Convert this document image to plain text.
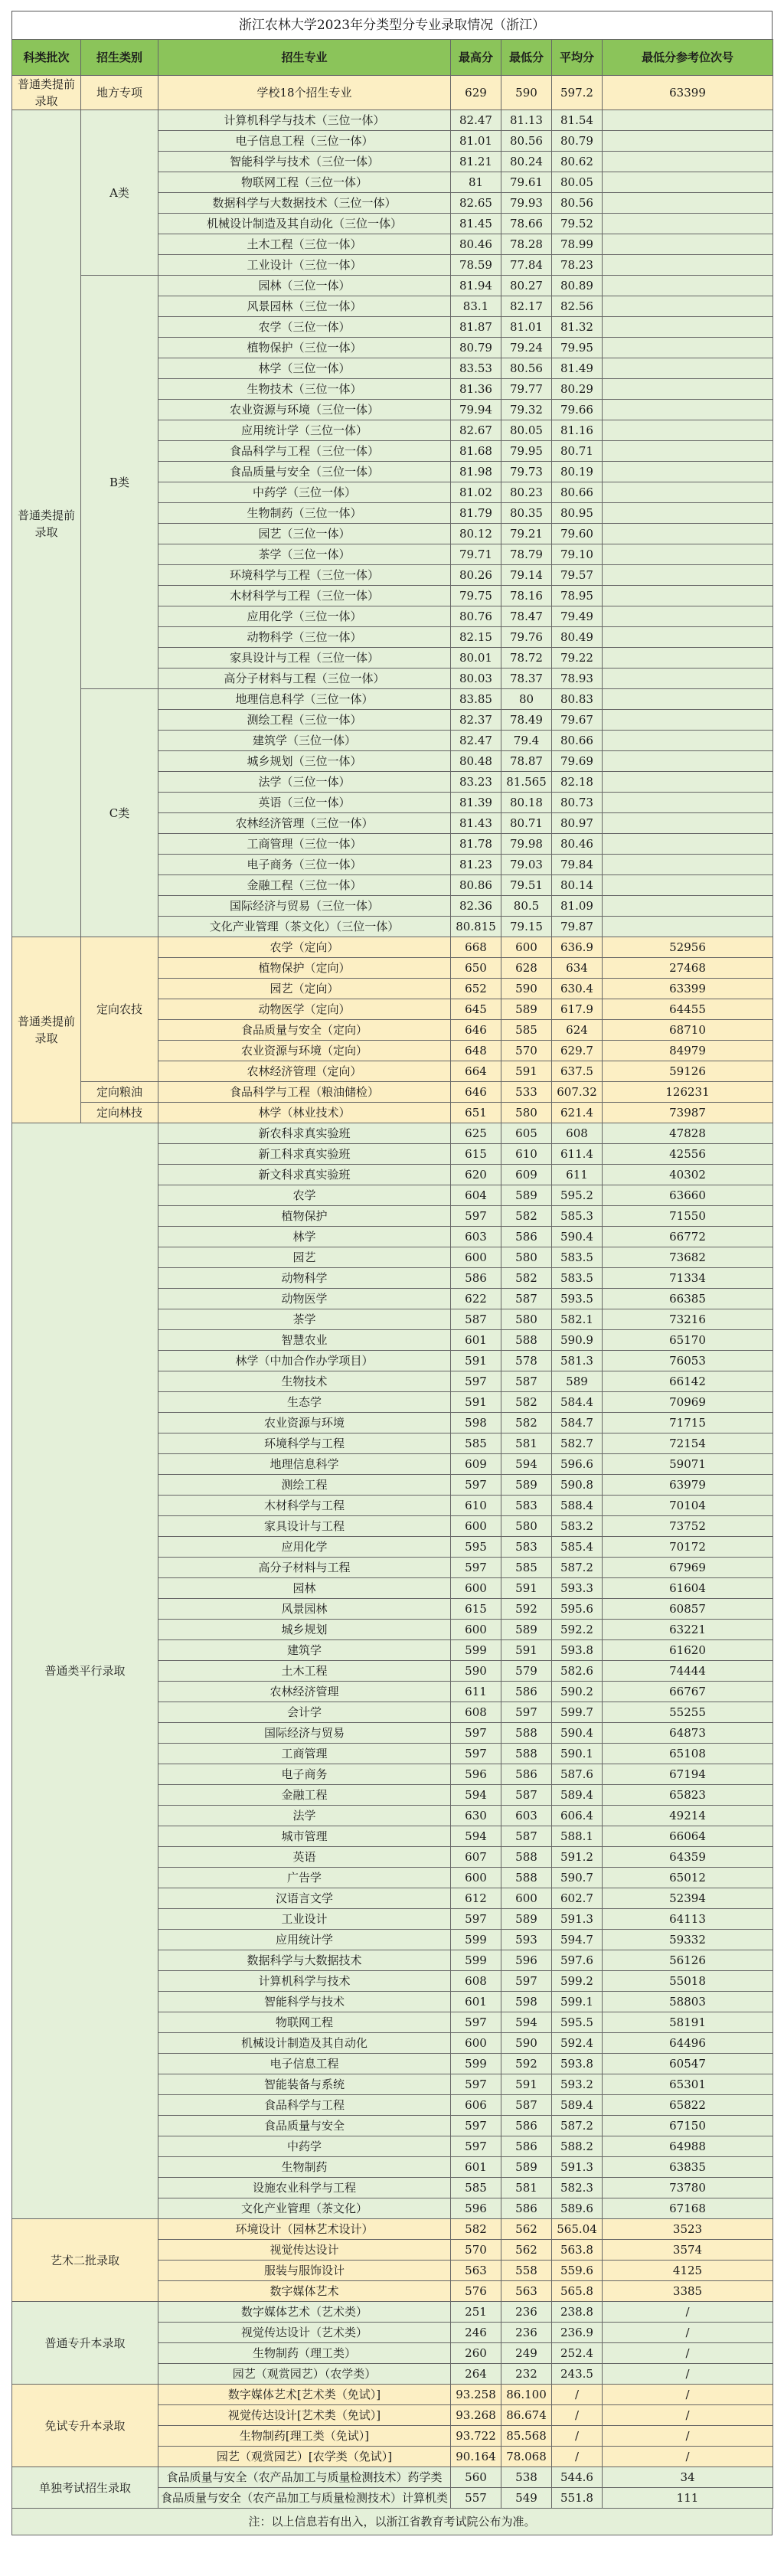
浙江农林大学2023年分类型分专业录取情况（浙江）
科类批次	招生类别	招生专业	最高分	最低分	平均分	最低分参考位次号
普通类提前录取	地方专项	学校18个招生专业	629	590	597.2	63399
普通类提前录取	A类	计算机科学与技术（三位一体）	82.47	81.13	81.54	
		电子信息工程（三位一体）	81.01	80.56	80.79	
		智能科学与技术（三位一体）	81.21	80.24	80.62	
		物联网工程（三位一体）	81	79.61	80.05	
		数据科学与大数据技术（三位一体）	82.65	79.93	80.56	
		机械设计制造及其自动化（三位一体）	81.45	78.66	79.52	
		土木工程（三位一体）	80.46	78.28	78.99	
		工业设计（三位一体）	78.59	77.84	78.23	
	B类	园林（三位一体）	81.94	80.27	80.89	
		风景园林（三位一体）	83.1	82.17	82.56	
		农学（三位一体）	81.87	81.01	81.32	
		植物保护（三位一体）	80.79	79.24	79.95	
		林学（三位一体）	83.53	80.56	81.49	
		生物技术（三位一体）	81.36	79.77	80.29	
		农业资源与环境（三位一体）	79.94	79.32	79.66	
		应用统计学（三位一体）	82.67	80.05	81.16	
		食品科学与工程（三位一体）	81.68	79.95	80.71	
		食品质量与安全（三位一体）	81.98	79.73	80.19	
		中药学（三位一体）	81.02	80.23	80.66	
		生物制药（三位一体）	81.79	80.35	80.95	
		园艺（三位一体）	80.12	79.21	79.60	
		茶学（三位一体）	79.71	78.79	79.10	
		环境科学与工程（三位一体）	80.26	79.14	79.57	
		木材科学与工程（三位一体）	79.75	78.16	78.95	
		应用化学（三位一体）	80.76	78.47	79.49	
		动物科学（三位一体）	82.15	79.76	80.49	
		家具设计与工程（三位一体）	80.01	78.72	79.22	
		高分子材料与工程（三位一体）	80.03	78.37	78.93	
	C类	地理信息科学（三位一体）	83.85	80	80.83	
		测绘工程（三位一体）	82.37	78.49	79.67	
		建筑学（三位一体）	82.47	79.4	80.66	
		城乡规划（三位一体）	80.48	78.87	79.69	
		法学（三位一体）	83.23	81.565	82.18	
		英语（三位一体）	81.39	80.18	80.73	
		农林经济管理（三位一体）	81.43	80.71	80.97	
		工商管理（三位一体）	81.78	79.98	80.46	
		电子商务（三位一体）	81.23	79.03	79.84	
		金融工程（三位一体）	80.86	79.51	80.14	
		国际经济与贸易（三位一体）	82.36	80.5	81.09	
		文化产业管理（茶文化）（三位一体）	80.815	79.15	79.87	
普通类提前录取	定向农技	农学（定向）	668	600	636.9	52956
		植物保护（定向）	650	628	634	27468
		园艺（定向）	652	590	630.4	63399
		动物医学（定向）	645	589	617.9	64455
		食品质量与安全（定向）	646	585	624	68710
		农业资源与环境（定向）	648	570	629.7	84979
		农林经济管理（定向）	664	591	637.5	59126
	定向粮油	食品科学与工程（粮油储检）	646	533	607.32	126231
	定向林技	林学（林业技术）	651	580	621.4	73987
普通类平行录取		新农科求真实验班	625	605	608	47828
		新工科求真实验班	615	610	611.4	42556
		新文科求真实验班	620	609	611	40302
		农学	604	589	595.2	63660
		植物保护	597	582	585.3	71550
		林学	603	586	590.4	66772
		园艺	600	580	583.5	73682
		动物科学	586	582	583.5	71334
		动物医学	622	587	593.5	66385
		茶学	587	580	582.1	73216
		智慧农业	601	588	590.9	65170
		林学（中加合作办学项目）	591	578	581.3	76053
		生物技术	597	587	589	66142
		生态学	591	582	584.4	70969
		农业资源与环境	598	582	584.7	71715
		环境科学与工程	585	581	582.7	72154
		地理信息科学	609	594	596.6	59071
		测绘工程	597	589	590.8	63979
		木材科学与工程	610	583	588.4	70104
		家具设计与工程	600	580	583.2	73752
		应用化学	595	583	585.4	70172
		高分子材料与工程	597	585	587.2	67969
		园林	600	591	593.3	61604
		风景园林	615	592	595.6	60857
		城乡规划	600	589	592.2	63221
		建筑学	599	591	593.8	61620
		土木工程	590	579	582.6	74444
		农林经济管理	611	586	590.2	66767
		会计学	608	597	599.7	55255
		国际经济与贸易	597	588	590.4	64873
		工商管理	597	588	590.1	65108
		电子商务	596	586	587.6	67194
		金融工程	594	587	589.4	65823
		法学	630	603	606.4	49214
		城市管理	594	587	588.1	66064
		英语	607	588	591.2	64359
		广告学	600	588	590.7	65012
		汉语言文学	612	600	602.7	52394
		工业设计	597	589	591.3	64113
		应用统计学	599	593	594.7	59332
		数据科学与大数据技术	599	596	597.6	56126
		计算机科学与技术	608	597	599.2	55018
		智能科学与技术	601	598	599.1	58803
		物联网工程	597	594	595.5	58191
		机械设计制造及其自动化	600	590	592.4	64496
		电子信息工程	599	592	593.8	60547
		智能装备与系统	597	591	593.2	65301
		食品科学与工程	606	587	589.4	65822
		食品质量与安全	597	586	587.2	67150
		中药学	597	586	588.2	64988
		生物制药	601	589	591.3	63835
		设施农业科学与工程	585	581	582.3	73780
		文化产业管理（茶文化）	596	586	589.6	67168
艺术二批录取		环境设计（园林艺术设计）	582	562	565.04	3523
		视觉传达设计	570	562	563.8	3574
		服装与服饰设计	563	558	559.6	4125
		数字媒体艺术	576	563	565.8	3385
普通专升本录取		数字媒体艺术（艺术类）	251	236	238.8	/
		视觉传达设计（艺术类）	246	236	236.9	/
		生物制药（理工类）	260	249	252.4	/
		园艺（观赏园艺）（农学类）	264	232	243.5	/
免试专升本录取		数字媒体艺术[艺术类（免试）]	93.258	86.100	/	/
		视觉传达设计[艺术类（免试）]	93.268	86.674	/	/
		生物制药[理工类（免试）]	93.722	85.568	/	/
		园艺（观赏园艺）[农学类（免试）]	90.164	78.068	/	/
单独考试招生录取		食品质量与安全（农产品加工与质量检测技术）药学类	560	538	544.6	34
		食品质量与安全（农产品加工与质量检测技术）计算机类	557	549	551.8	111
注：以上信息若有出入，以浙江省教育考试院公布为准。
